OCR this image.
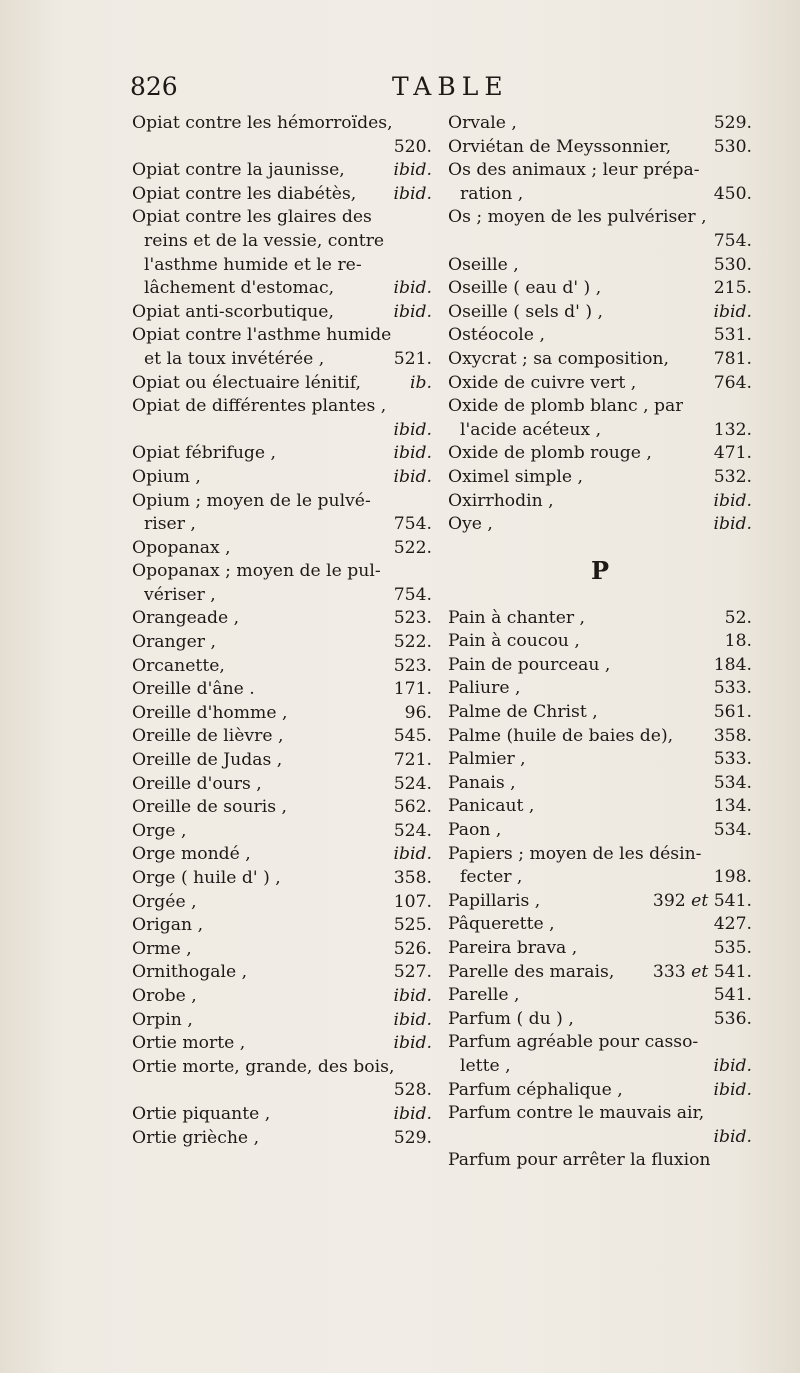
826	TABLE
Opiat contre les hémorroïdes,
520.
Opiat contre la jaunisse,	ibid.
Opiat contre les diabétès,	ibid.
Opiat contre les glaires des
reins et de la vessie, contre
l'asthme humide et le re-
lâchement d'estomac,	ibid.
Opiat anti-scorbutique,	ibid.
Opiat contre l'asthme humide
et la toux invétérée ,	521.
Opiat ou électuaire lénitif,	ib.
Opiat de différentes plantes ,
ibid.
Opiat fébrifuge ,	ibid.
Opium ,	ibid.
Opium ; moyen de le pulvé-
riser ,	754.
Opopanax ,	522.
Opopanax ; moyen de le pul-
vériser ,	754.
Orangeade ,	523.
Oranger ,	522.
Orcanette,	523.
Oreille d'âne .	171.
Oreille d'homme ,	96.
Oreille de lièvre ,	545.
Oreille de Judas ,	721.
Oreille d'ours ,	524.
Oreille de souris ,	562.
Orge ,	524.
Orge mondé ,	ibid.
Orge ( huile d' ) ,	358.
Orgée ,	107.
Origan ,	525.
Orme ,	526.
Ornithogale ,	527.
Orobe ,	ibid.
Orpin ,	ibid.
Ortie morte ,	ibid.
Ortie morte, grande, des bois,
528.
Ortie piquante ,	ibid.
Ortie grièche ,	529.
Orvale ,	529.
Orviétan de Meyssonnier,	530.
Os des animaux ; leur prépa-
ration ,	450.
Os ; moyen de les pulvériser ,
754.
Oseille ,	530.
Oseille ( eau d' ) ,	215.
Oseille ( sels d' ) ,	ibid.
Ostéocole ,	531.
Oxycrat ; sa composition,	781.
Oxide de cuivre vert ,	764.
Oxide de plomb blanc , par
l'acide acéteux ,	132.
Oxide de plomb rouge ,	471.
Oximel simple ,	532.
Oxirrhodin ,	ibid.
Oye ,	ibid.
P
Pain à chanter ,	52.
Pain à coucou ,	18.
Pain de pourceau ,	184.
Paliure ,	533.
Palme de Christ ,	561.
Palme (huile de baies de),	358.
Palmier ,	533.
Panais ,	534.
Panicaut ,	134.
Paon ,	534.
Papiers ; moyen de les désin-
fecter ,	198.
Papillaris ,	392 et 541.
Pâquerette ,	427.
Pareira brava ,	535.
Parelle des marais,	333 et 541.
Parelle ,	541.
Parfum ( du ) ,	536.
Parfum agréable pour casso-
lette ,	ibid.
Parfum céphalique ,	ibid.
Parfum contre le mauvais air,
ibid.
Parfum pour arrêter la fluxion
